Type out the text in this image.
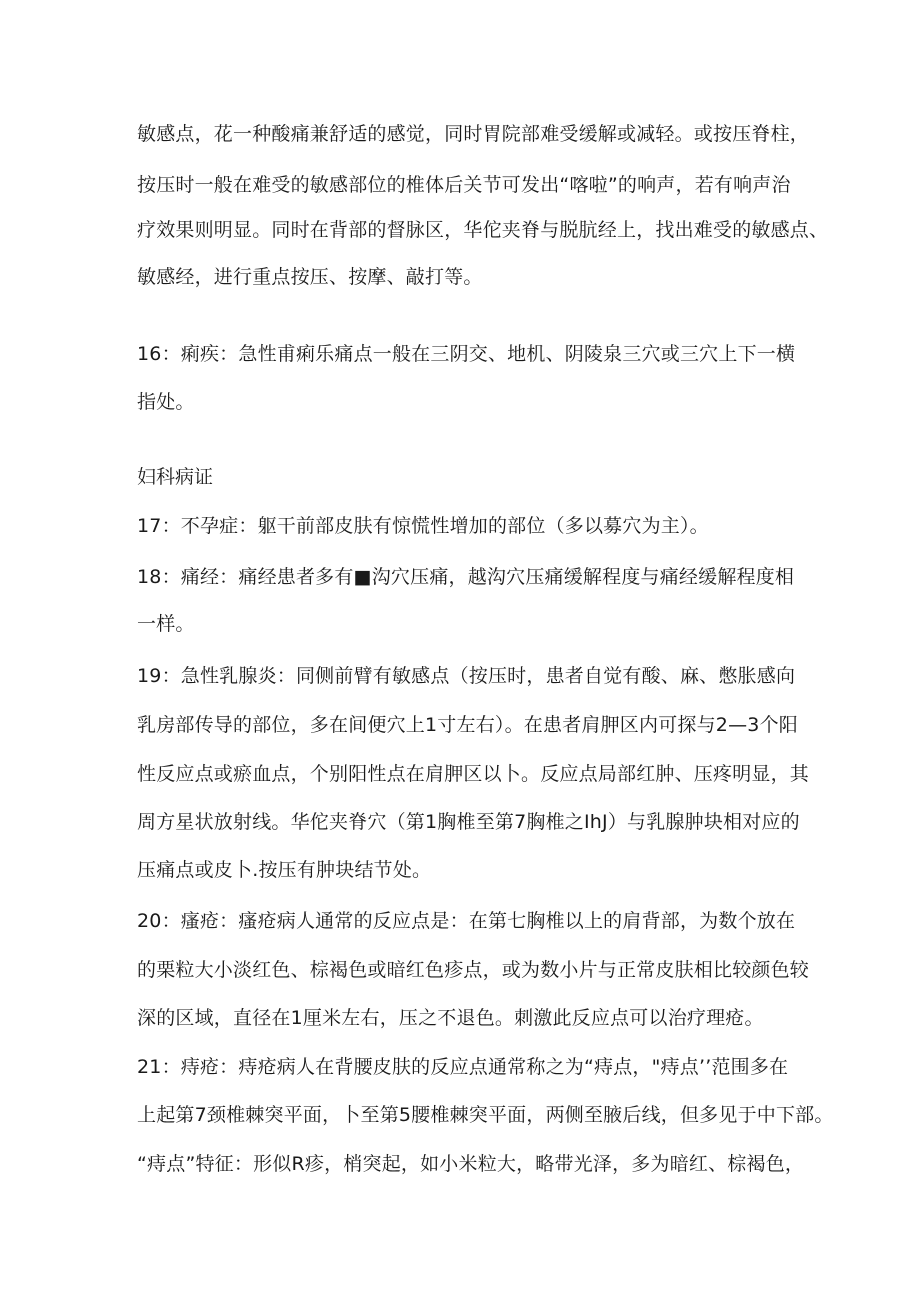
敏感点，花一种酸痛兼舒适的感觉，同时胃院部难受缓解或减轻。或按压脊柱，
按压时一般在难受的敏感部位的椎体后关节可发出“喀啦”的响声，若有响声治
疗效果则明显。同时在背部的督脉区，华佗夹脊与脱肮经上，找出难受的敏感点、
敏感经，进行重点按压、按摩、敲打等。
16：痢疾：急性甫痢乐痛点一般在三阴交、地机、阴陵泉三穴或三穴上下一横
指处。
妇科病证
17：不孕症：躯干前部皮肤有惊慌性增加的部位（多以募穴为主）。
18：痛经：痛经患者多有■沟穴压痛，越沟穴压痛缓解程度与痛经缓解程度相
一样。
19：急性乳腺炎：同侧前臂有敏感点（按压时，患者自觉有酸、麻、憋胀感向
乳房部传导的部位，多在间便穴上1寸左右）。在患者肩胛区内可探与2—3个阳
性反应点或瘀血点，个别阳性点在肩胛区以卜。反应点局部红肿、压疼明显，其
周方星状放射线。华佗夹脊穴（第1胸椎至第7胸椎之IhJ）与乳腺肿块相对应的
压痛点或皮卜.按压有肿块结节处。
20：瘙疮：瘙疮病人通常的反应点是：在第七胸椎以上的肩背部，为数个放在
的栗粒大小淡红色、棕褐色或暗红色疹点，或为数小片与正常皮肤相比较颜色较
深的区域，直径在1厘米左右，压之不退色。刺激此反应点可以治疗理疮。
21：痔疮：痔疮病人在背腰皮肤的反应点通常称之为“痔点，"痔点’’范围多在
上起第7颈椎棘突平面，卜至第5腰椎棘突平面，两侧至腋后线，但多见于中下部。
“痔点”特征：形似R疹，梢突起，如小米粒大，略带光泽，多为暗红、棕褐色，
